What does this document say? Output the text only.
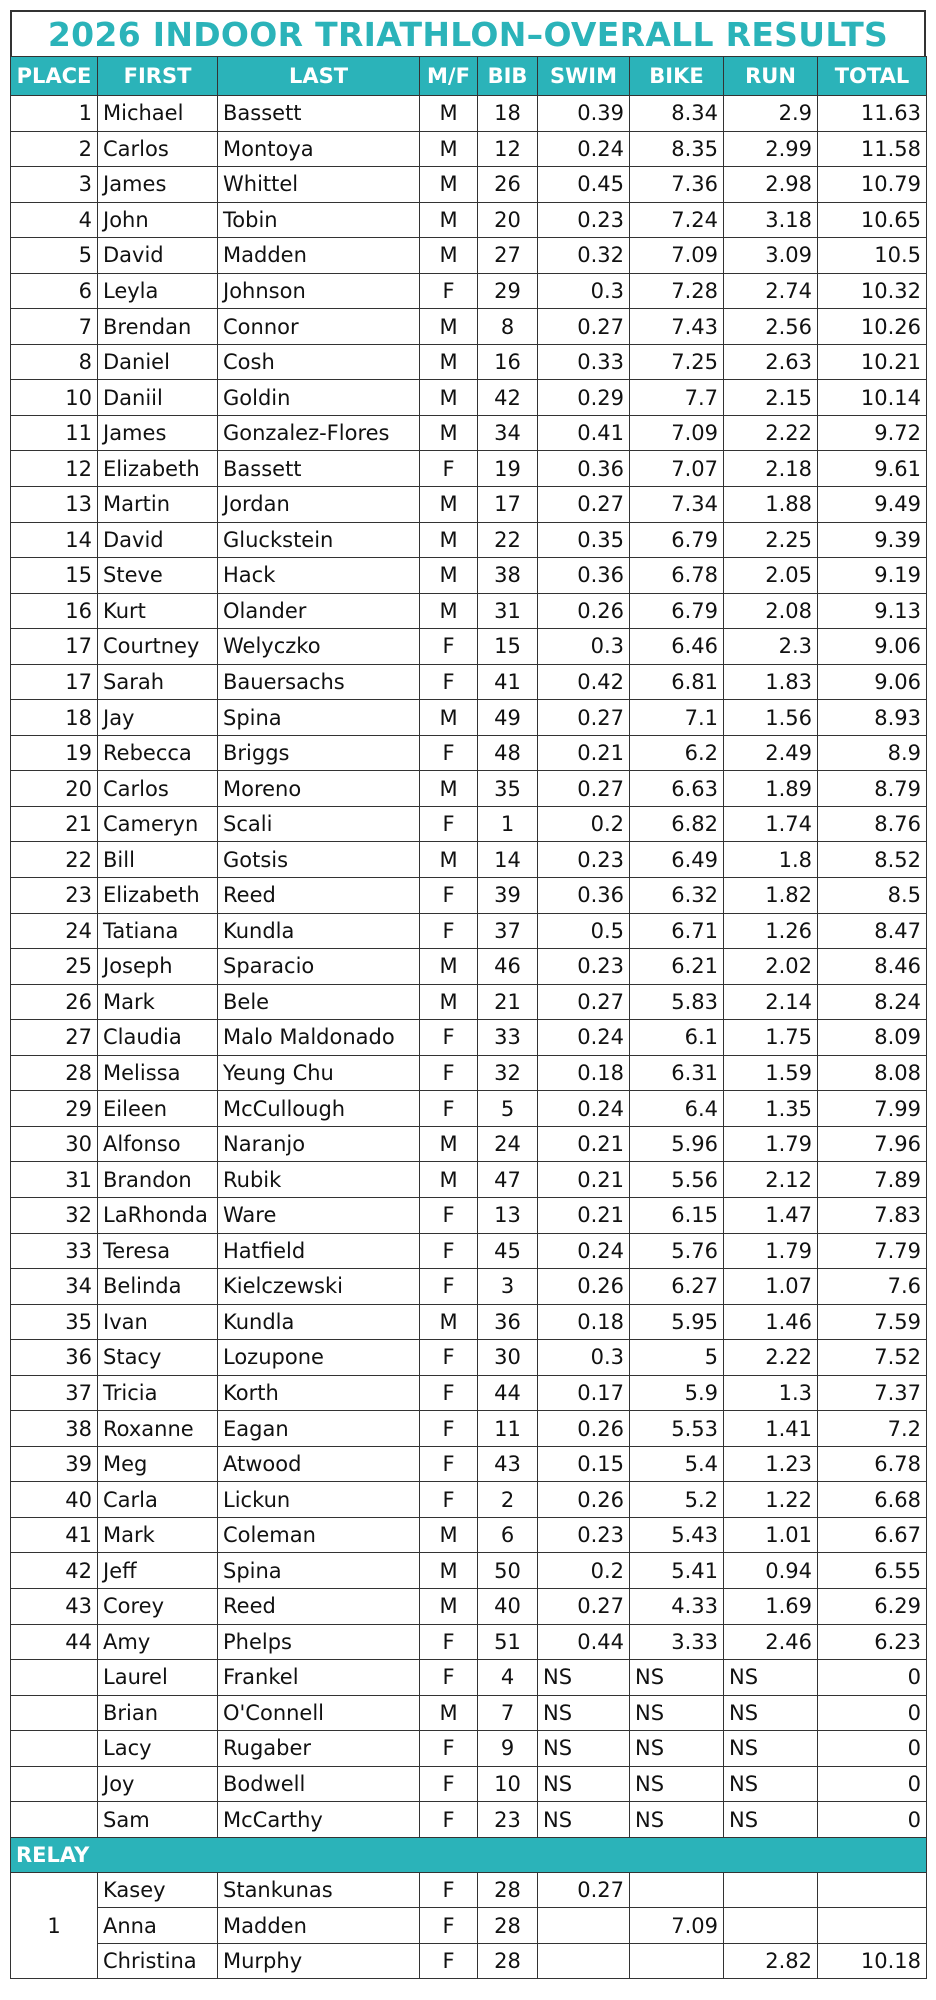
2026 INDOOR TRIATHLON–OVERALL RESULTS
PLACE	FIRST	LAST	M/F	BIB	SWIM	BIKE	RUN	TOTAL
1	Michael	Bassett	M	18	0.39	8.34	2.9	11.63
2	Carlos	Montoya	M	12	0.24	8.35	2.99	11.58
3	James	Whittel	M	26	0.45	7.36	2.98	10.79
4	John	Tobin	M	20	0.23	7.24	3.18	10.65
5	David	Madden	M	27	0.32	7.09	3.09	10.5
6	Leyla	Johnson	F	29	0.3	7.28	2.74	10.32
7	Brendan	Connor	M	8	0.27	7.43	2.56	10.26
8	Daniel	Cosh	M	16	0.33	7.25	2.63	10.21
10	Daniil	Goldin	M	42	0.29	7.7	2.15	10.14
11	James	Gonzalez-Flores	M	34	0.41	7.09	2.22	9.72
12	Elizabeth	Bassett	F	19	0.36	7.07	2.18	9.61
13	Martin	Jordan	M	17	0.27	7.34	1.88	9.49
14	David	Gluckstein	M	22	0.35	6.79	2.25	9.39
15	Steve	Hack	M	38	0.36	6.78	2.05	9.19
16	Kurt	Olander	M	31	0.26	6.79	2.08	9.13
17	Courtney	Welyczko	F	15	0.3	6.46	2.3	9.06
17	Sarah	Bauersachs	F	41	0.42	6.81	1.83	9.06
18	Jay	Spina	M	49	0.27	7.1	1.56	8.93
19	Rebecca	Briggs	F	48	0.21	6.2	2.49	8.9
20	Carlos	Moreno	M	35	0.27	6.63	1.89	8.79
21	Cameryn	Scali	F	1	0.2	6.82	1.74	8.76
22	Bill	Gotsis	M	14	0.23	6.49	1.8	8.52
23	Elizabeth	Reed	F	39	0.36	6.32	1.82	8.5
24	Tatiana	Kundla	F	37	0.5	6.71	1.26	8.47
25	Joseph	Sparacio	M	46	0.23	6.21	2.02	8.46
26	Mark	Bele	M	21	0.27	5.83	2.14	8.24
27	Claudia	Malo Maldonado	F	33	0.24	6.1	1.75	8.09
28	Melissa	Yeung Chu	F	32	0.18	6.31	1.59	8.08
29	Eileen	McCullough	F	5	0.24	6.4	1.35	7.99
30	Alfonso	Naranjo	M	24	0.21	5.96	1.79	7.96
31	Brandon	Rubik	M	47	0.21	5.56	2.12	7.89
32	LaRhonda	Ware	F	13	0.21	6.15	1.47	7.83
33	Teresa	Hatfield	F	45	0.24	5.76	1.79	7.79
34	Belinda	Kielczewski	F	3	0.26	6.27	1.07	7.6
35	Ivan	Kundla	M	36	0.18	5.95	1.46	7.59
36	Stacy	Lozupone	F	30	0.3	5	2.22	7.52
37	Tricia	Korth	F	44	0.17	5.9	1.3	7.37
38	Roxanne	Eagan	F	11	0.26	5.53	1.41	7.2
39	Meg	Atwood	F	43	0.15	5.4	1.23	6.78
40	Carla	Lickun	F	2	0.26	5.2	1.22	6.68
41	Mark	Coleman	M	6	0.23	5.43	1.01	6.67
42	Jeff	Spina	M	50	0.2	5.41	0.94	6.55
43	Corey	Reed	M	40	0.27	4.33	1.69	6.29
44	Amy	Phelps	F	51	0.44	3.33	2.46	6.23
	Laurel	Frankel	F	4	NS	NS	NS	0
	Brian	O'Connell	M	7	NS	NS	NS	0
	Lacy	Rugaber	F	9	NS	NS	NS	0
	Joy	Bodwell	F	10	NS	NS	NS	0
	Sam	McCarthy	F	23	NS	NS	NS	0
RELAY								
1	Kasey	Stankunas	F	28	0.27			
	Anna	Madden	F	28		7.09		
	Christina	Murphy	F	28			2.82	10.18
